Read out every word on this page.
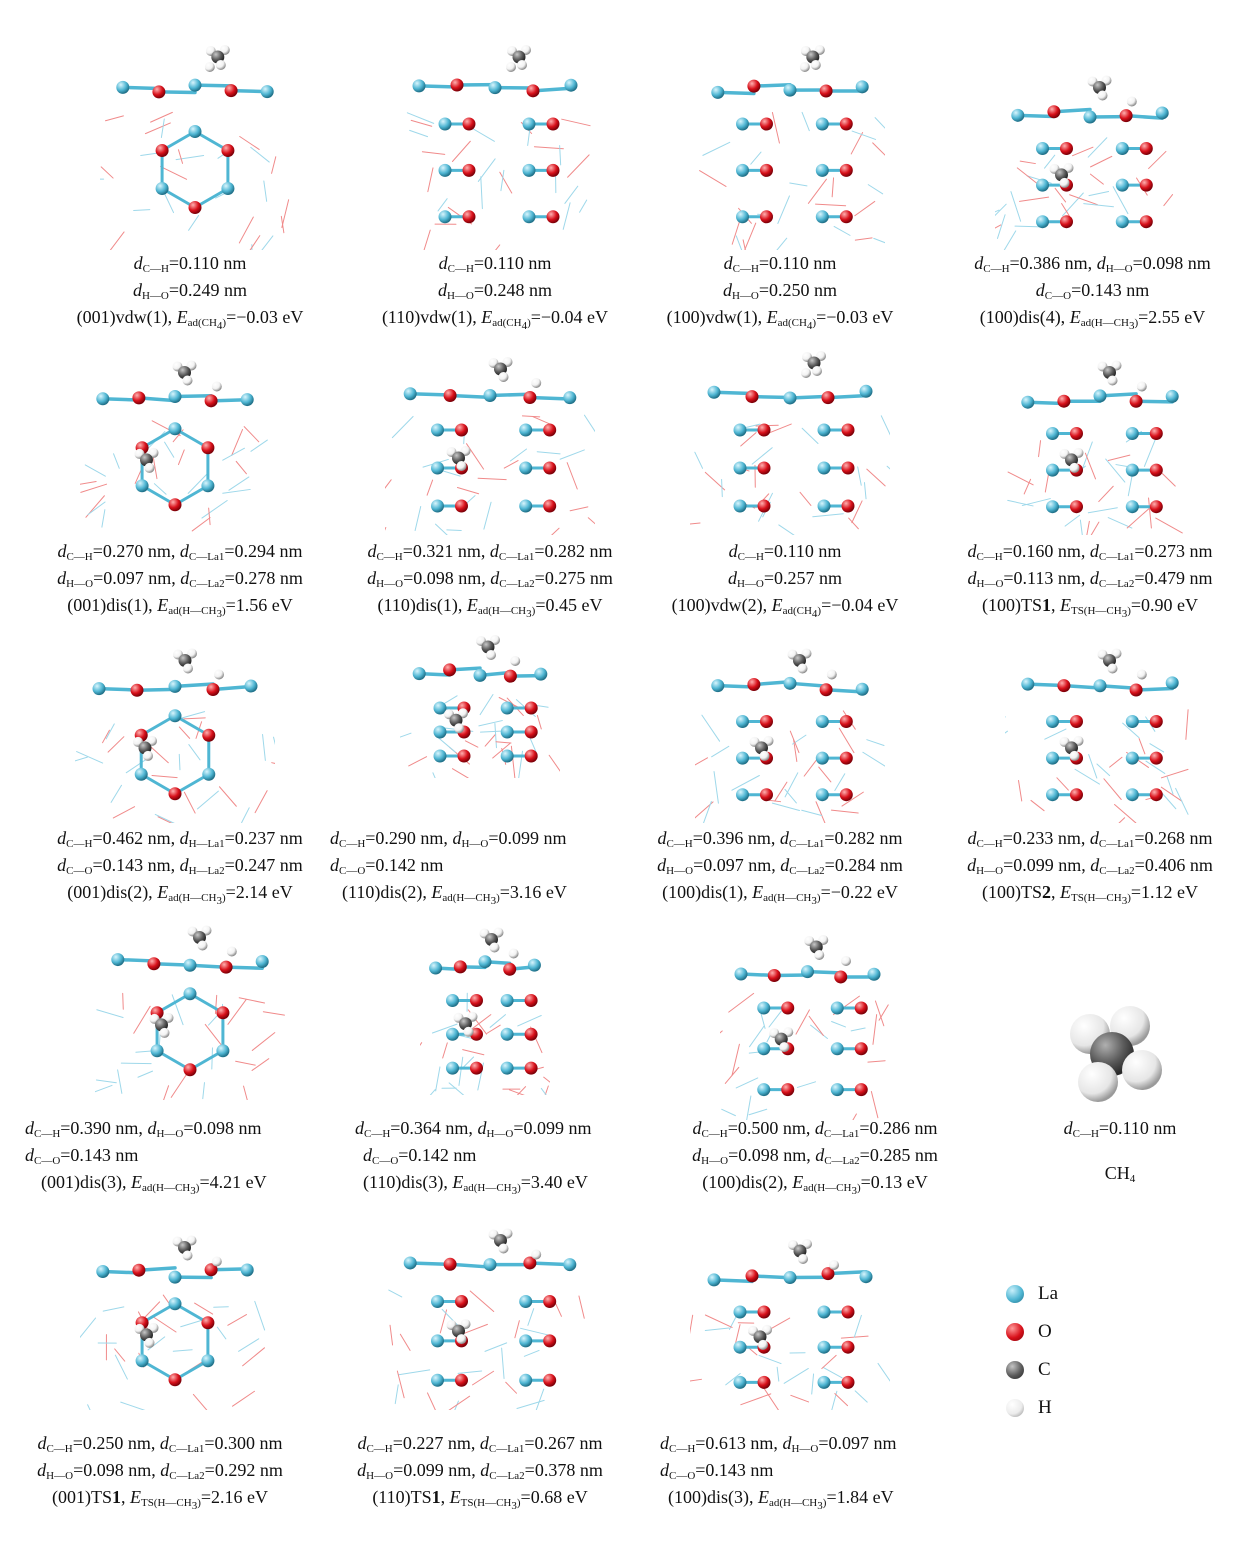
$d_{C—H}=0.110$ nm
$d_{H—O}=0.249$ nm
(001)vdw(1), $E_{ad(CH_4)}=-0.03$ eV
$d_{C—H}=0.110$ nm
$d_{H—O}=0.248$ nm
(110)vdw(1), $E_{ad(CH_4)}=-0.04$ eV
$d_{C—H}=0.110$ nm
$d_{H—O}=0.250$ nm
(100)vdw(1), $E_{ad(CH_4)}=-0.03$ eV
$d_{C—H}=0.386$ nm, $d_{H—O}=0.098$ nm
$d_{C—O}=0.143$ nm
(100)dis(4), $E_{ad(H—CH_3)}=2.55$ eV
$d_{C—H}=0.270$ nm, $d_{C—La1}=0.294$ nm
$d_{H—O}=0.097$ nm, $d_{C—La2}=0.278$ nm
(001)dis(1), $E_{ad(H—CH_3)}=1.56$ eV
$d_{C—H}=0.321$ nm, $d_{C—La1}=0.282$ nm
$d_{H—O}=0.098$ nm, $d_{C—La2}=0.275$ nm
(110)dis(1), $E_{ad(H—CH_3)}=0.45$ eV
$d_{C—H}=0.110$ nm
$d_{H—O}=0.257$ nm
(100)vdw(2), $E_{ad(CH_4)}=-0.04$ eV
$d_{C—H}=0.160$ nm, $d_{C—La1}=0.273$ nm
$d_{H—O}=0.113$ nm, $d_{C—La2}=0.479$ nm
(100)TS1, $E_{TS(H—CH_3)}=0.90$ eV
$d_{C—H}=0.462$ nm, $d_{H—La1}=0.237$ nm
$d_{C—O}=0.143$ nm, $d_{H—La2}=0.247$ nm
(001)dis(2), $E_{ad(H—CH_3)}=2.14$ eV
$d_{C—H}=0.290$ nm, $d_{H—O}=0.099$ nm
$d_{C—O}=0.142$ nm
(110)dis(2), $E_{ad(H—CH_3)}=3.16$ eV
$d_{C—H}=0.396$ nm, $d_{C—La1}=0.282$ nm
$d_{H—O}=0.097$ nm, $d_{C—La2}=0.284$ nm
(100)dis(1), $E_{ad(H—CH_3)}=-0.22$ eV
$d_{C—H}=0.233$ nm, $d_{C—La1}=0.268$ nm
$d_{H—O}=0.099$ nm, $d_{C—La2}=0.406$ nm
(100)TS2, $E_{TS(H—CH_3)}=1.12$ eV
$d_{C—H}=0.390$ nm, $d_{H—O}=0.098$ nm
$d_{C—O}=0.143$ nm
(001)dis(3), $E_{ad(H—CH_3)}=4.21$ eV
$d_{C—H}=0.364$ nm, $d_{H—O}=0.099$ nm
$d_{C—O}=0.142$ nm
(110)dis(3), $E_{ad(H—CH_3)}=3.40$ eV
$d_{C—H}=0.500$ nm, $d_{C—La1}=0.286$ nm
$d_{H—O}=0.098$ nm, $d_{C—La2}=0.285$ nm
(100)dis(2), $E_{ad(H—CH_3)}=0.13$ eV
$d_{C—H}=0.110$ nm
$CH_4$
$d_{C—H}=0.250$ nm, $d_{C—La1}=0.300$ nm
$d_{H—O}=0.098$ nm, $d_{C—La2}=0.292$ nm
(001)TS1, $E_{TS(H—CH_3)}=2.16$ eV
$d_{C—H}=0.227$ nm, $d_{C—La1}=0.267$ nm
$d_{H—O}=0.099$ nm, $d_{C—La2}=0.378$ nm
(110)TS1, $E_{TS(H—CH_3)}=0.68$ eV
$d_{C—H}=0.613$ nm, $d_{H—O}=0.097$ nm
$d_{C—O}=0.143$ nm
(100)dis(3), $E_{ad(H—CH_3)}=1.84$ eV
La
O
C
H
